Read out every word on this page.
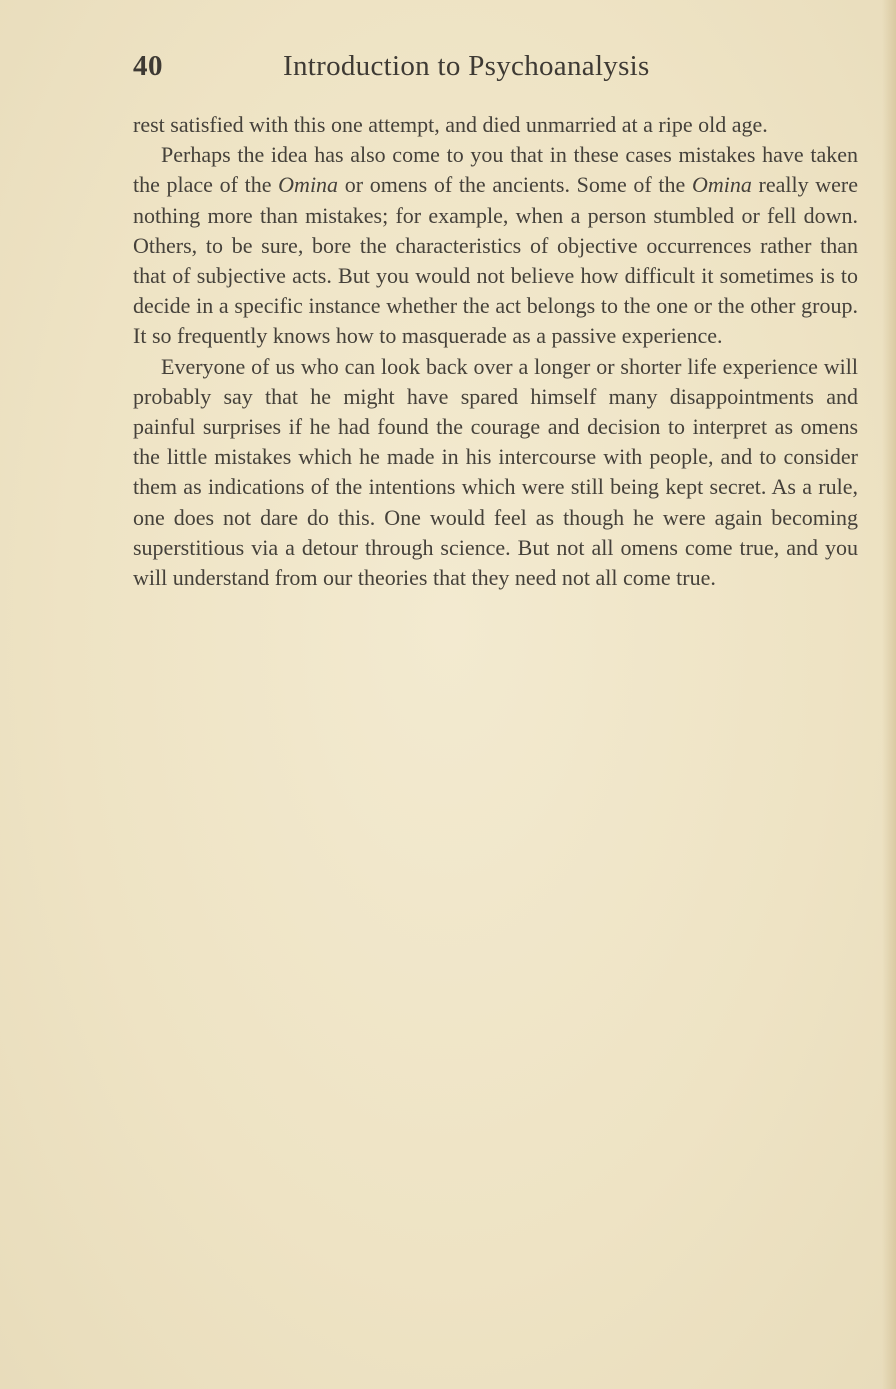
40	Introduction to Psychoanalysis

rest satisfied with this one attempt, and died unmarried at a ripe old age.

Perhaps the idea has also come to you that in these cases mistakes have taken the place of the Omina or omens of the ancients. Some of the Omina really were nothing more than mistakes; for example, when a person stumbled or fell down. Others, to be sure, bore the characteristics of objective occurrences rather than that of subjective acts. But you would not believe how difficult it sometimes is to decide in a specific instance whether the act belongs to the one or the other group. It so frequently knows how to masquerade as a passive experience.

Everyone of us who can look back over a longer or shorter life experience will probably say that he might have spared himself many disappointments and painful surprises if he had found the courage and decision to interpret as omens the little mistakes which he made in his intercourse with people, and to consider them as indications of the intentions which were still being kept secret. As a rule, one does not dare do this. One would feel as though he were again becoming superstitious via a detour through science. But not all omens come true, and you will understand from our theories that they need not all come true.
